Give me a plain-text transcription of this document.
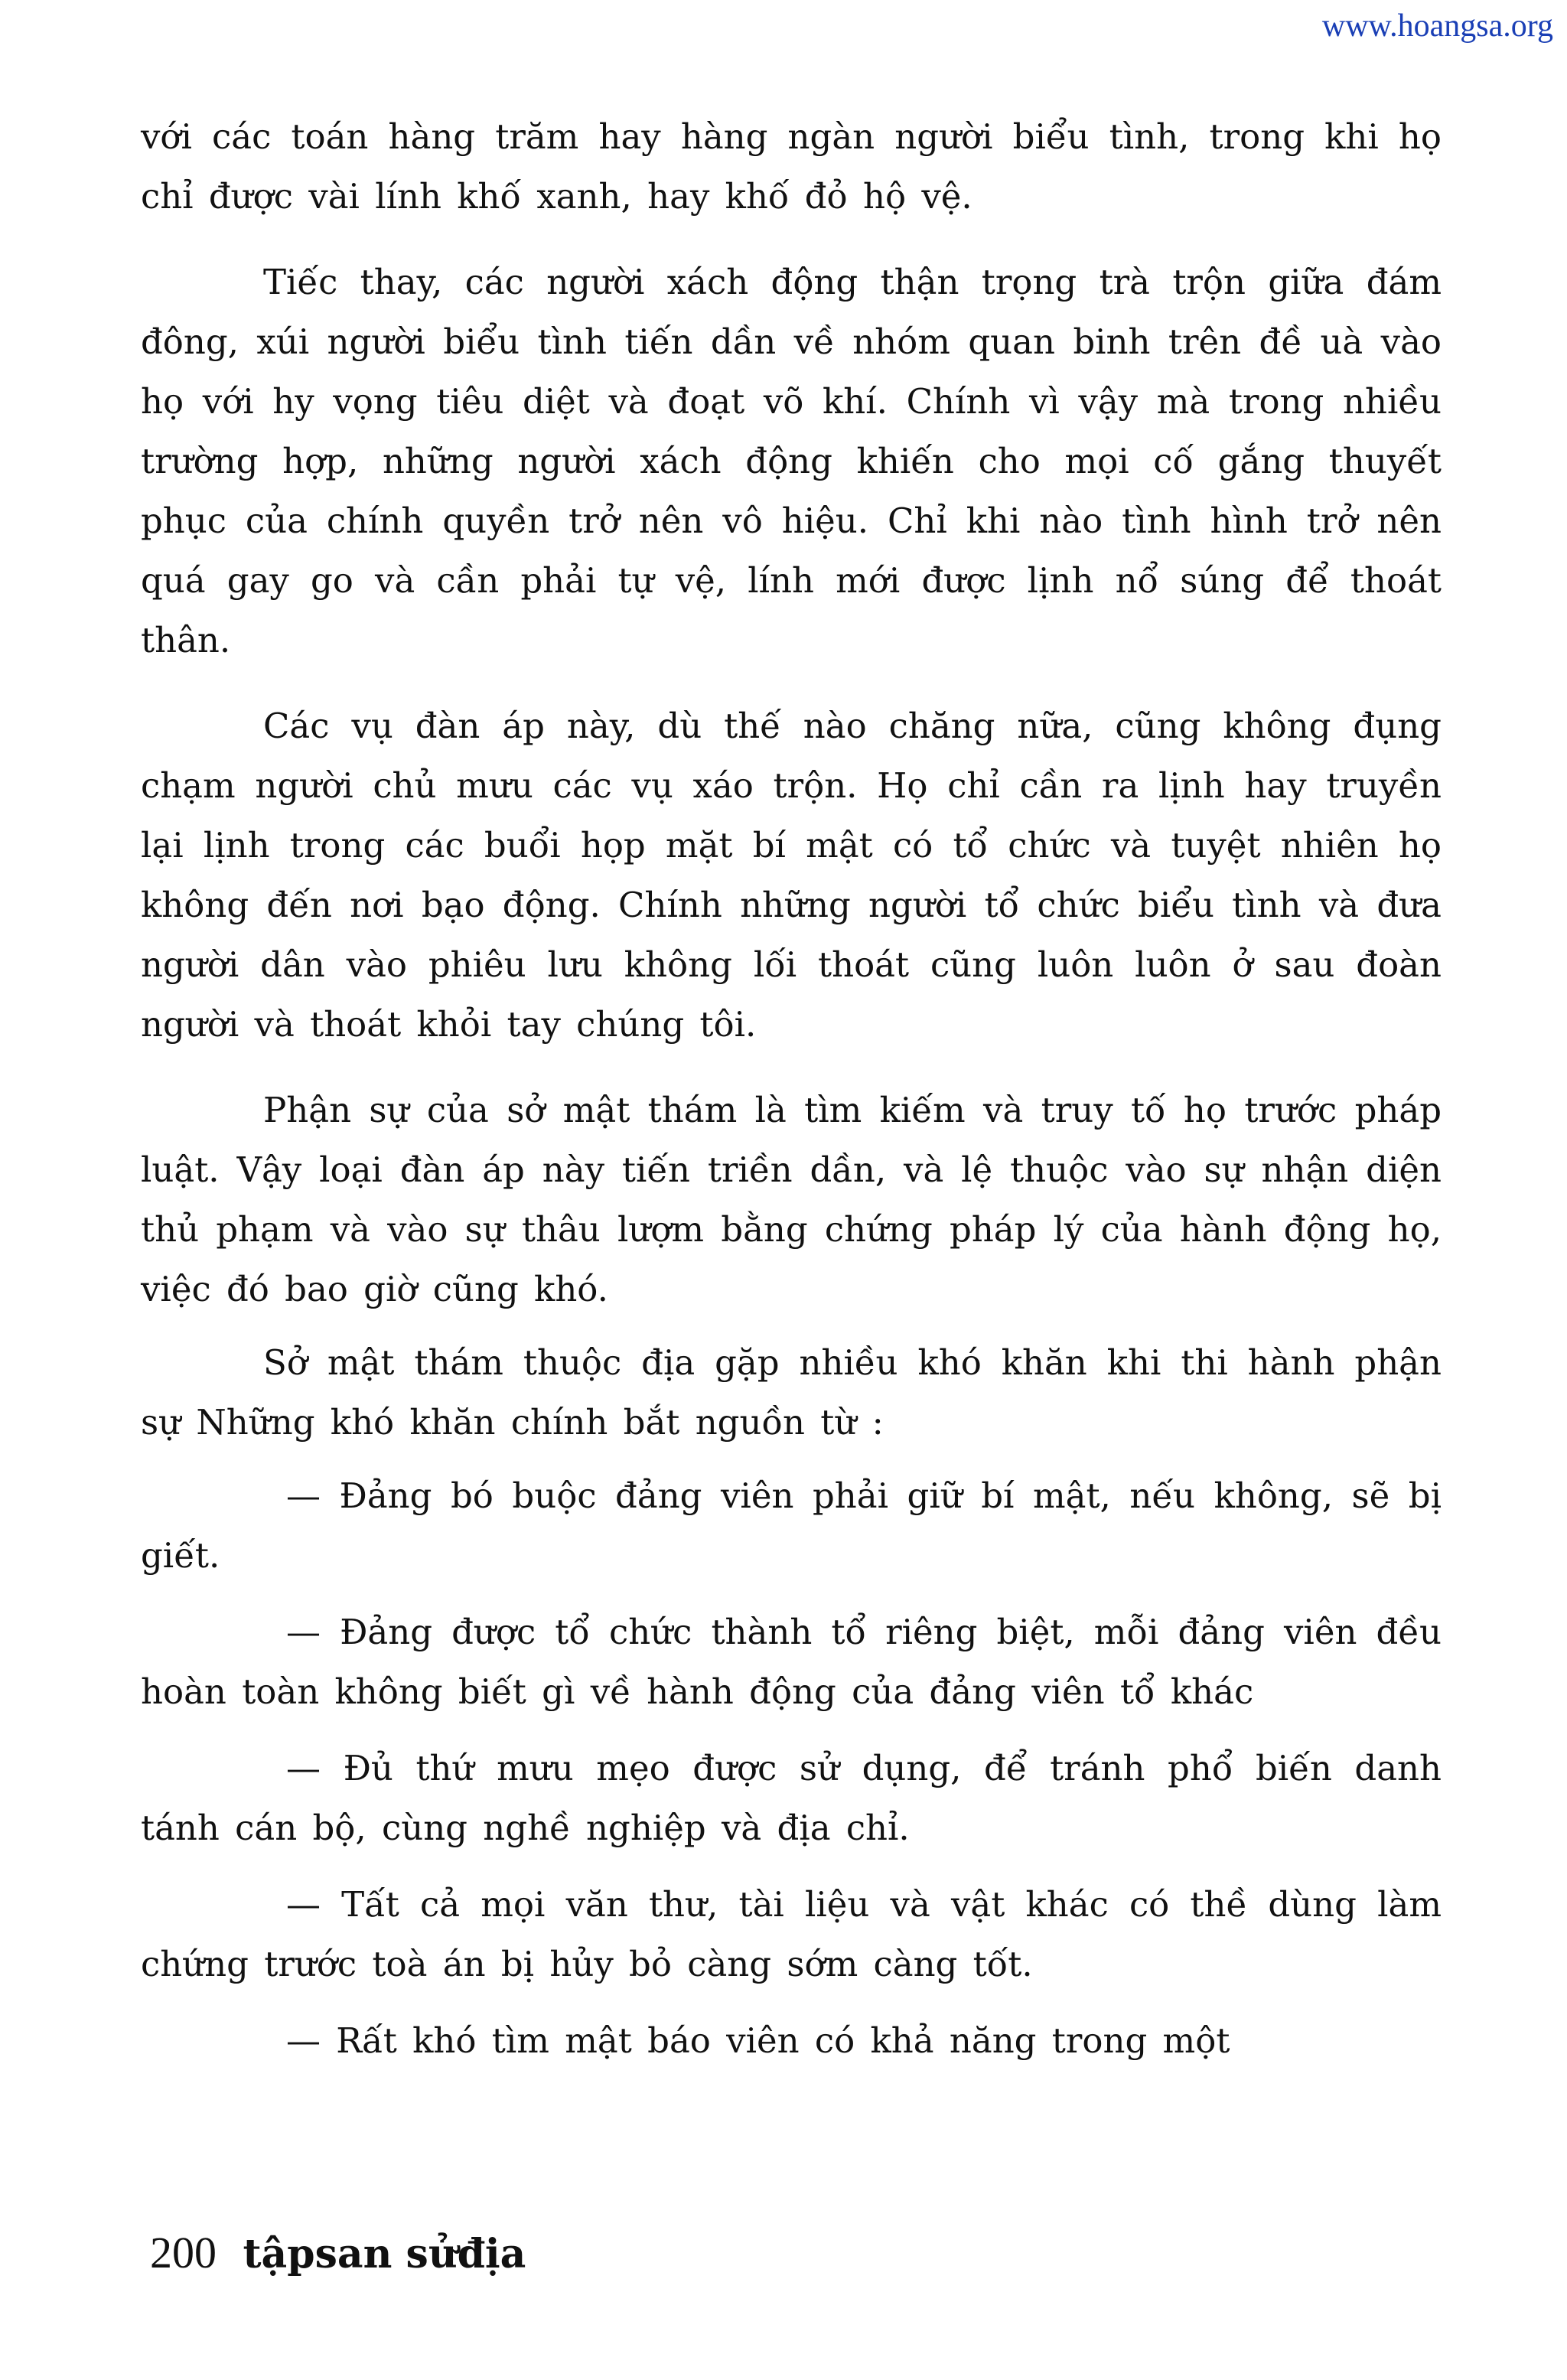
www.hoangsa.org

với các toán hàng trăm hay hàng ngàn người biểu tình, trong khi họ chỉ được vài lính khố xanh, hay khố đỏ hộ vệ.

Tiếc thay, các người xách động thận trọng trà trộn giữa đám đông, xúi người biểu tình tiến dần về nhóm quan binh trên đề uà vào họ với hy vọng tiêu diệt và đoạt võ khí. Chính vì vậy mà trong nhiều trường hợp, những người xách động khiến cho mọi cố gắng thuyết phục của chính quyền trở nên vô hiệu. Chỉ khi nào tình hình trở nên quá gay go và cần phải tự vệ, lính mới được lịnh nổ súng để thoát thân.

Các vụ đàn áp này, dù thế nào chăng nữa, cũng không đụng chạm người chủ mưu các vụ xáo trộn. Họ chỉ cần ra lịnh hay truyền lại lịnh trong các buổi họp mặt bí mật có tổ chức và tuyệt nhiên họ không đến nơi bạo động. Chính những người tổ chức biểu tình và đưa người dân vào phiêu lưu không lối thoát cũng luôn luôn ở sau đoàn người và thoát khỏi tay chúng tôi.

Phận sự của sở mật thám là tìm kiếm và truy tố họ trước pháp luật. Vậy loại đàn áp này tiến triền dần, và lệ thuộc vào sự nhận diện thủ phạm và vào sự thâu lượm bằng chứng pháp lý của hành động họ, việc đó bao giờ cũng khó.

Sở mật thám thuộc địa gặp nhiều khó khăn khi thi hành phận sự Những khó khăn chính bắt nguồn từ :

— Đảng bó buộc đảng viên phải giữ bí mật, nếu không, sẽ bị giết.

— Đảng được tổ chức thành tổ riêng biệt, mỗi đảng viên đều hoàn toàn không biết gì về hành động của đảng viên tổ khác

— Đủ thứ mưu mẹo được sử dụng, để tránh phổ biến danh tánh cán bộ, cùng nghề nghiệp và địa chỉ.

— Tất cả mọi văn thư, tài liệu và vật khác có thề dùng làm chứng trước toà án bị hủy bỏ càng sớm càng tốt.

— Rất khó tìm mật báo viên có khả năng trong một

200 tậpsan sửđịa
